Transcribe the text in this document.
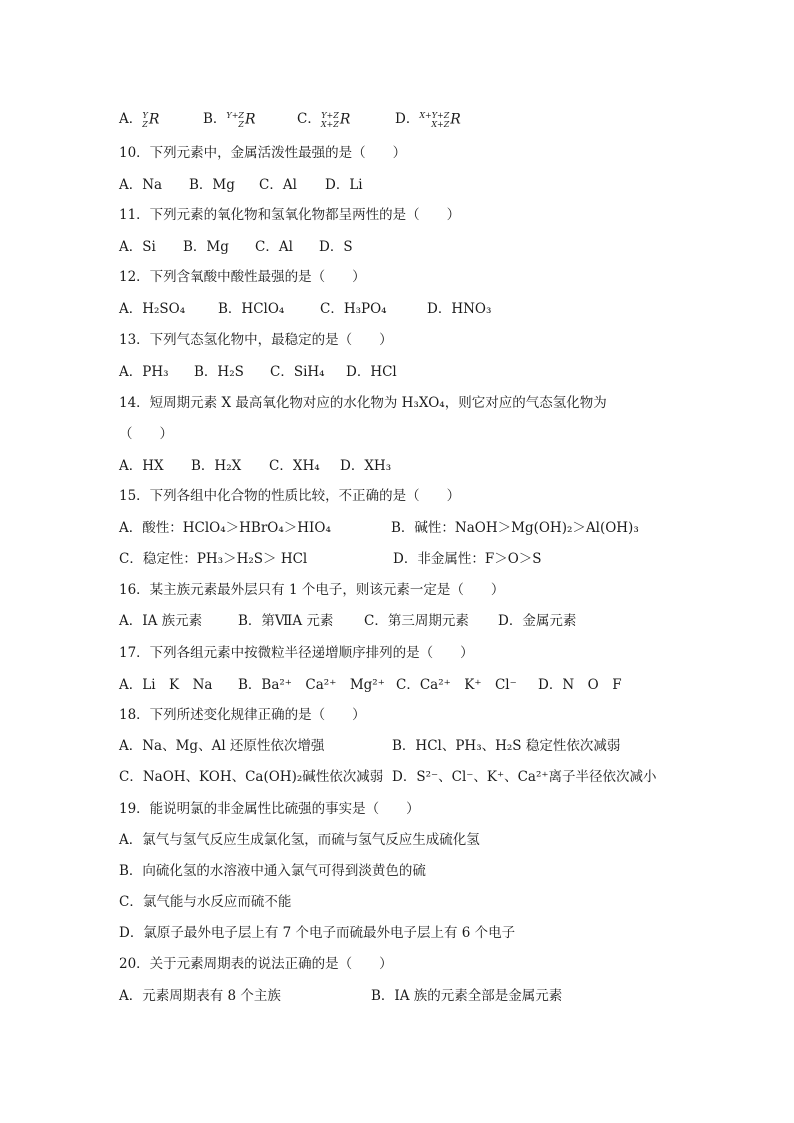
A．Y
ZR	B．Y+Z
ZR	C．Y+Z
X+ZR	D．X+Y+Z
X+ZR
10．下列元素中，金属活泼性最强的是（　　）
A．Na B．Mg C．Al D．Li
11．下列元素的氧化物和氢氧化物都呈两性的是（　　）
A．Si B．Mg C．Al D．S
12．下列含氧酸中酸性最强的是（　　）
A．H₂SO₄ B．HClO₄	C．H₃PO₄	D．HNO₃
13．下列气态氢化物中，最稳定的是（　　）
A．PH₃ B．H₂S C．SiH₄ D．HCl
14．短周期元素 X 最高氧化物对应的水化物为 H₃XO₄，则它对应的气态氢化物为
（　　）
A．HX B．H₂X C．XH₄ D．XH₃
15．下列各组中化合物的性质比较，不正确的是（　　）
A．酸性：HClO₄＞HBrO₄＞HIO₄	B．碱性：NaOH＞Mg(OH)₂＞Al(OH)₃
C．稳定性：PH₃＞H₂S＞ HCl	D．非金属性：F＞O＞S
16．某主族元素最外层只有 1 个电子，则该元素一定是（　　）
A．ⅠA 族元素	B．第ⅦA 元素 C．第三周期元素 D．金属元素
17．下列各组元素中按微粒半径递增顺序排列的是（　　）
A．Li　K　Na B．Ba²⁺　Ca²⁺　Mg²⁺ C．Ca²⁺　K⁺　Cl⁻ D．N　O　F
18．下列所述变化规律正确的是（　　）
A．Na、Mg、Al 还原性依次增强	B．HCl、PH₃、H₂S 稳定性依次减弱
C．NaOH、KOH、Ca(OH)₂碱性依次减弱 D．S²⁻、Cl⁻、K⁺、Ca²⁺离子半径依次减小
19．能说明氯的非金属性比硫强的事实是（　　）
A．氯气与氢气反应生成氯化氢，而硫与氢气反应生成硫化氢
B．向硫化氢的水溶液中通入氯气可得到淡黄色的硫
C．氯气能与水反应而硫不能
D．氯原子最外电子层上有 7 个电子而硫最外电子层上有 6 个电子
20．关于元素周期表的说法正确的是（　　）
A．元素周期表有 8 个主族	B．ⅠA 族的元素全部是金属元素
